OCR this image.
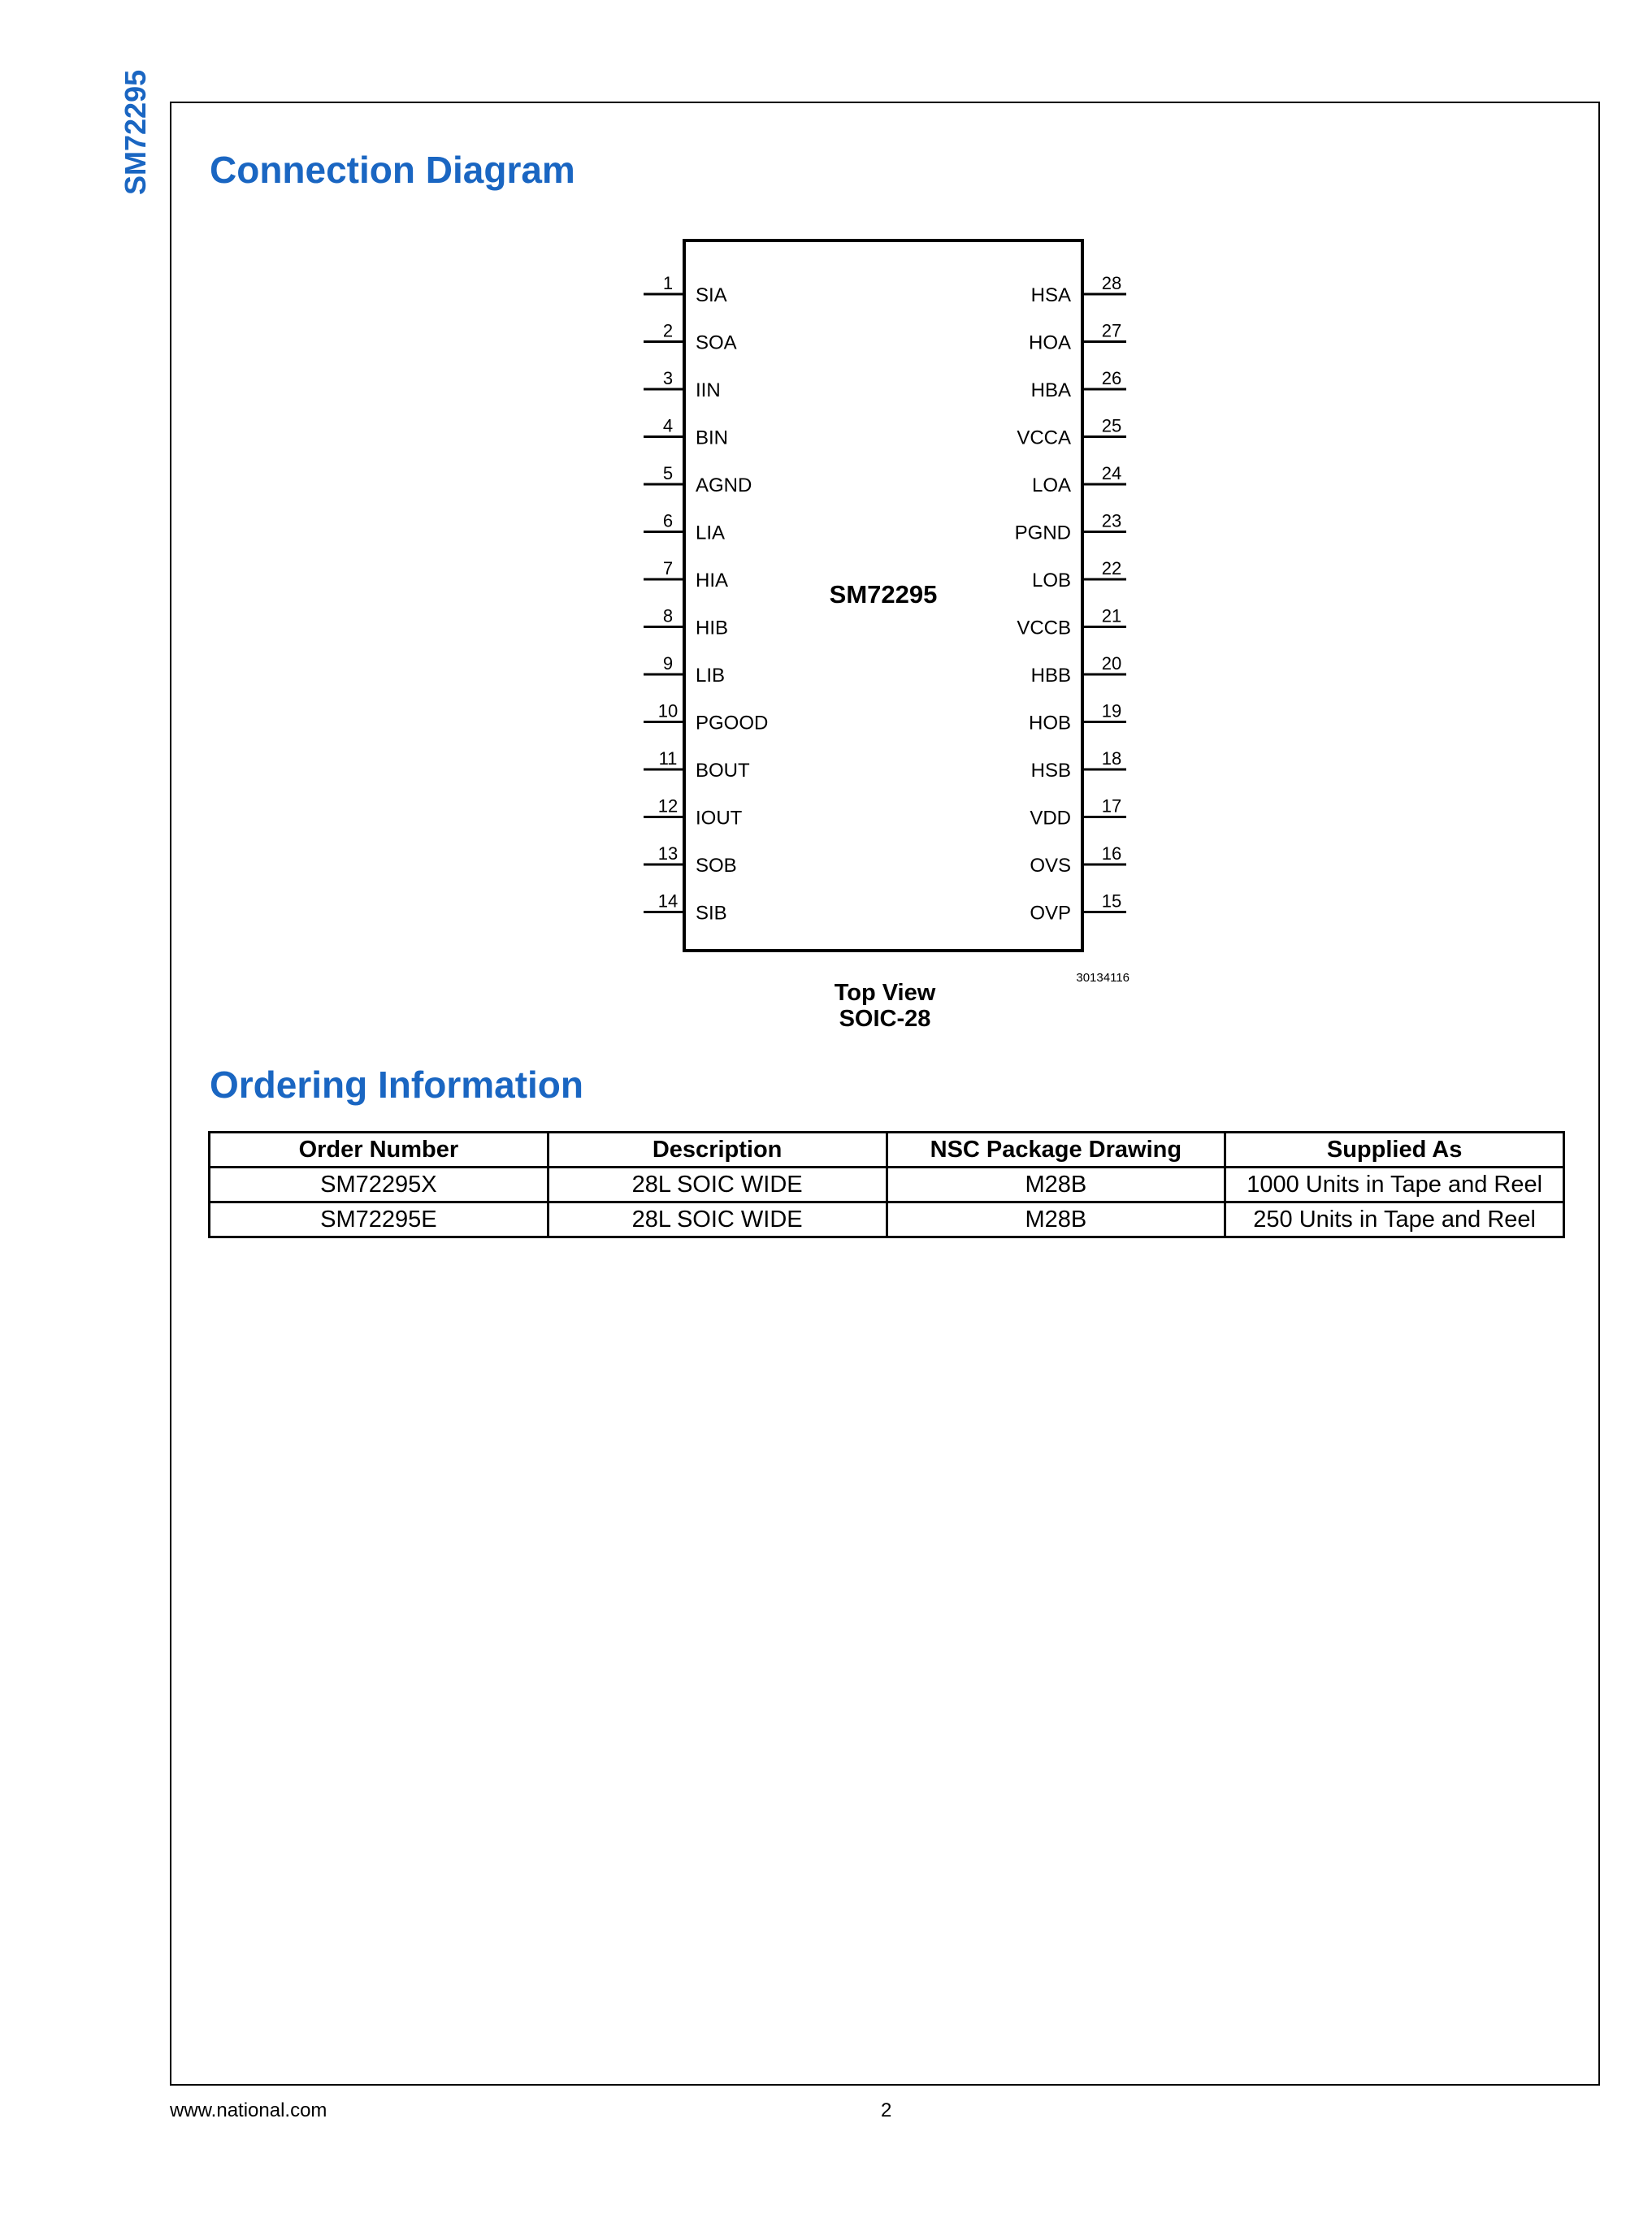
SM72295 Connection Diagram
1
SIA
2
SOA
3
IIN
4
BIN
5
AGND
6
LIA
7
HIA
8
HIB
9
LIB
10
PGOOD
11
BOUT
12
IOUT
13
SOB
14
SIB
28
HSA
27
HOA
26
HBA
25
VCCA
24
LOA
23
PGND
22
LOB
21
VCCB
20
HBB
19
HOB
18
HSB
17
VDD
16
OVS
15
OVP
SM72295
30134116
Top View
SOIC-28
Ordering Information
Order Number	Description	NSC Package Drawing	Supplied As
SM72295X	28L SOIC WIDE	M28B	1000 Units in Tape and Reel
SM72295E	28L SOIC WIDE	M28B	250 Units in Tape and Reel
www.national.com	2
